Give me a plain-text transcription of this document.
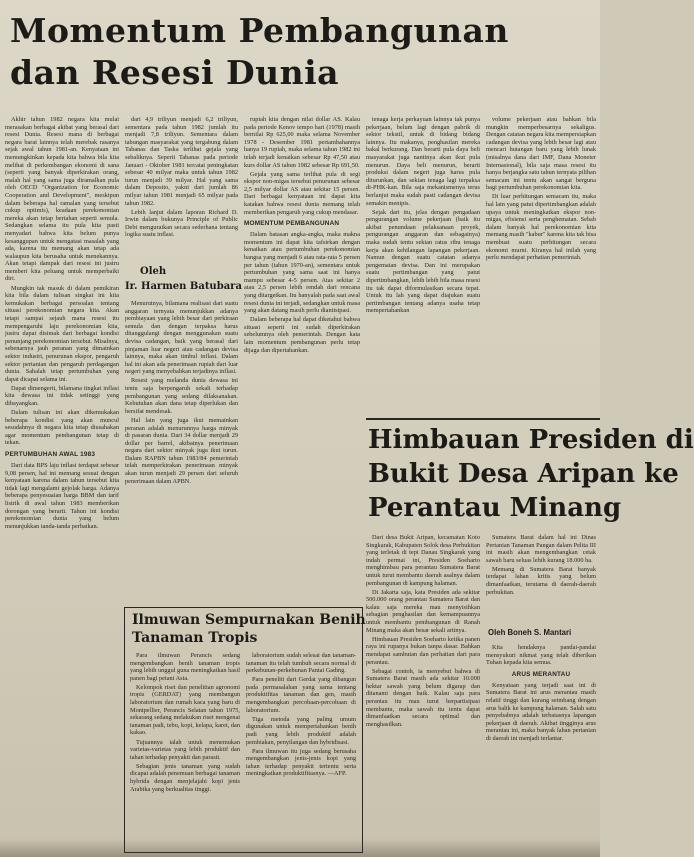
Momentum Pembangunan
dan Resesi Dunia

Akhir tahun 1982 negara kita mulai merasakan berbagai akibat yang berasal dari resesi Dunia. Resesi mana di berbagai negara barat lainnya telah merebak rasanya sejak awal tahun 1981-an. Kenyataan ini memungkinkan kepada kita bahwa bila kita melihat di perkembangan ekonomi di sana (seperti yang banyak diperkirakan orang, malah hal yang sama juga diramalkan pula oleh OECD "Organization for Economic Cooperation and Development", meskipun dalam beberapa hal ramalan yang tersebut cukup optimis), keadaan perekonomian mereka akan tetap bertahan seperti semula. Sedangkan selama itu pula kita pasti menyadari bahwa kita belum punya kesanggupan untuk mengatasi masalah yang ada, karena itu memang akan tetap ada walaupun kita berusaha untuk menekannya. Akan tetapi dampak dari resesi ini justru memberi kita peluang untuk memperbaiki diri.

Mungkin tak masuk di dalam pemikiran kita bila dalam tulisan singkat ini kita kemukakan berbagai persoalan tentang situasi perekonomian negara kita. Akan tetapi sampai sejauh mana resesi itu mempengaruhi laju perekonomian kita, justru dapat disimak dari berbagai kondisi penunjang perekonomian tersebut. Misalnya, sebenarnya jauh peranan yang dimainkan sektor industri, penurunan ekspor, pengaruh sektor pertanian dan pengaruh perdagangan dunia. Sahalah tetap pertumbuhan yang dapat dicapai selama ini.

Dapat dimengerti, bilamana tingkat inflasi kita dewasa ini tidak setinggi yang dibayangkan.

Dalam tulisan ini akan dikemukakan beberapa kondisi yang akan muncul sesudahnya di negara kita tetap diusahakan agar momentum pembangunan tetap di tekan.

PERTUMBUHAN AWAL 1983

Dari data BPS laju inflasi terdapat sebesar 9,08 persen, hal ini memang sesuai dengan kenyataan karena dalam tahun tersebut kita tidak lagi mengalami gejolak harga. Adanya beberapa penyesuaian harga BBM dan tarif listrik di awal tahun 1983 memberikan dorongan yang berarti. Tahun ini kondisi perekonomian dunia yang belum menunjukkan tanda-tanda perbaikan.

dari 4,9 triliyun menjadi 6,2 triliyun, sementara pada tahun 1982 jumlah itu menjadi 7,8 triliyun. Sementara dalam tabungan masyarakat yang tergabung dalam Tabanas dan Taska terlihat gejala yang sebaliknya. Seperti Tabanas pada periode Januari - Oktober 1981 tercatat peningkatan sebesar 40 milyar maka untuk tahun 1982 turun menjadi 39 milyar. Hal yang sama dalam Deposito, yakni dari jumlah 86 milyar tahun 1981 menjadi 65 milyar pada tahun 1982.

Lebih lanjut dalam laporan Richard D. Irwin dalam bukunya Principle of Public Debt menguraikan secara sederhana tentang logika suatu inflasi.

Oleh
Ir. Harmen Batubara

Menurutnya, bilamana realisasi dari suatu anggaran ternyata menunjukkan adanya pembiayaan yang lebih besar dari perkiraan semula dan dengan terpaksa harus ditanggulangi dengan menggunakan suatu devisa cadangan, baik yang berasal dari pinjaman luar negeri atau cadangan devisa lainnya, maka akan timbul inflasi. Dalam hal ini akan ada penerimaan rupiah dari luar negeri yang menyebabkan terjadinya inflasi.

Resesi yang melanda dunia dewasa ini tentu saja berpengaruh sekali terhadap pembangunan yang sedang dilaksanakan. Kebutuhan akan dana tetap diperlukan dan bersifat mendesak.

Hal lain yang juga ikut memainkan peranan adalah menurunnya harga minyak di pasaran dunia. Dari 34 dollar menjadi 29 dollar per barrel, akibatnya penerimaan negara dari sektor minyak juga ikut turun. Dalam RAPBN tahun 1983/84 pemerintah telah memperkirakan penerimaan minyak akan turun menjadi 29 persen dari seluruh penerimaan dalam APBN.

rupiah kita dengan nilai dollar AS. Kalau pada periode Kenov tempo hari (1978) masih bernilai Rp 625,00 maka selama November 1978 - Desember 1981 pertambahannya hanya 19 rupiah, maka selama tahun 1982 ini telah terjadi kenaikan sebesar Rp 47,50 atau kurs dollar AS tahun 1982 sebesar Rp 691,50.

Gejala yang sama terlihat pula di segi ekspor non-migas tersebut penurunan sebesar 2,5 milyar dollar AS atau sekitar 15 persen. Dari berbagai kenyataan ini dapat kita katakan bahwa resesi dunia memang telah memberikan pengaruh yang cukup mendasar.

MOMENTUM PEMBANGUNAN

Dalam batasan angka-angka, maka makna momentum ini dapat kita tafsirkan dengan kenaikan atau pertumbuhan perekonomian bangsa yang menjadi 6 atau rata-rata 5 persen per tahun (tahun 1970-an), sementara untuk pertumbuhan yang sama saat ini hanya mampu sebesar 4-5 persen. Atas sekitar 2 atau 2,5 persen lebih rendah dari rencana yang ditargetkan. Itu hanyalah pada saat awal resesi dunia ini terjadi, sedangkan untuk masa yang akan datang masih perlu diantisipasi.

Dalam beberapa hal dapat diketahui bahwa situasi seperti ini sudah diperkirakan sebelumnya oleh pemerintah. Dengan kata lain momentum pembangunan perlu tetap dijaga dan dipertahankan.

tenaga kerja perkayuan lainnya tak punya pekerjaan, belum lagi dengan pabrik di sektor tekstil, untuk di bidang bidang lainnya. Itu makanya, penghasilan mereka bakal berkurang. Dan berarti pula daya beli masyarakat juga nantinya akan ikut pula menurun. Daya beli menurun, berarti produksi dalam negeri juga harus pula diturunkan, dan sekian tenaga lagi terpaksa di-PHK-kan. Bila saja mekanismenya terus berlanjut maka sudah pasti cadangan devisa semakin menipis.

Sejak dari itu, jelas dengan pengadaan pengurangan volume pekerjaan (baik itu akibat penundaan pelaksanaan proyek, pengurangan anggaran dan sebagainya) maka sudah tentu sekian ratus ribu tenaga kerja akan kehilangan lapangan pekerjaan. Namun dengan suatu catatan adanya pengematan devisa. Dan ini merupakan suatu pertimbangan yang patut dipertimbangkan, lebih lebih bila masa resesi itu tak dapat diformulasikan secara tepat. Untuk itu lah yang dapat diajukan suatu pertimbangan tentang adanya usaha tetap mempertahankan

volume pekerjaan atau bahkan bila mungkin memperbesarnya sekaligus. Dengan catatan negara kita mempersiapkan cadangan devisa yang lebih besar lagi atau mencari hutangan baru yang lebih lunak (misalnya dana dari IMF, Dana Moneter Internasional), bila saja masa resesi itu hanya berjangka satu tahun ternyata pilihan semacam ini tentu akan sangat berguna bagi pertumbuhan perekonomian kita.

Di luar perhitungan semacam itu, maka hal lain yang patut dipertimbangkan adalah upaya untuk meningkatkan ekspor non-migas, efisiensi serta penghematan. Sebab dalam banyak hal perekonomian kita memang masih "kabur" karena kita tak bisa membuat suatu perhitungan secara ekonomi murni. Kiranya hal inilah yang perlu mendapat perhatian pemerintah.

Himbauan Presiden di
Bukit Desa Aripan ke
Perantau Minang

Dari desa Bukit Aripan, kecamatan Koto Singkarak, Kabupaten Solok desa Perbukitan yang terletak di tepi Danau Singkarak yang indah permai ini, Presiden Soeharto menghimbau para perantau Sumatera Barat untuk turut membantu daerah asalnya dalam pembangunan di kampung halaman.

Di Jakarta saja, kata Presiden ada sekitar 500.000 orang perantau Sumatera Barat dan kalau saja mereka mau menyisihkan sebagian penghasilan dan kemampuannya untuk membantu pembangunan di Ranah Minang maka akan besar sekali artinya.

Himbauan Presiden Soeharto ketika panen raya ini rupanya bukan tanpa dasar. Bahkan mendapat sambutan dan perhatian dari para perantau.

Sebagai contoh, ia menyebut bahwa di Sumatera Barat masih ada sekitar 10.000 hektar sawah yang belum digarap dan ditanami dengan baik. Kalau saja para perantau itu mau turut berpartisipasi membantu, maka sawah itu tentu dapat dimanfaatkan secara optimal dan menghasilkan.

Sumatera Barat dalam hal ini Dinas Pertanian Tanaman Pangan dalam Pelita III ini masih akan mengembangkan cetak sawah baru seluas lebih kurang 18.000 ha.

Memang di Sumatera Barat banyak terdapat lahan kritis yang belum dimanfaatkan, terutama di daerah-daerah perbukitan.

Oleh Boneh S. Mantari

Kita hendaknya pandai-pandai mensyukuri nikmat yang telah diberikan Tuhan kepada kita semua.

ARUS MERANTAU

Kenyataan yang terjadi saat ini di Sumatera Barat ini arus merantau masih relatif tinggi dan kurang seimbang dengan arus balik ke kampung halaman. Salah satu penyebabnya adalah terbatasnya lapangan pekerjaan di daerah. Akibat tingginya arus merantau ini, maka banyak lahan pertanian di daerah ini menjadi terlantar.

Ilmuwan Sempurnakan Benih
Tanaman Tropis

Para ilmuwan Perancis sedang mengembangkan benih tanaman tropis yang lebih unggul guna meningkatkan hasil panen bagi petani Asia.

Kelompok riset dan penelitian agronomi tropis (GERDAT) yang membangun laboratorium dan rumah kaca yang baru di Montpellier, Perancis Selatan tahun 1975, sekarang sedang melakukan riset mengenai tanaman padi, tebu, kopi, kelapa, karet, dan kakao.

Tujuannya ialah untuk menemukan varietas-varietas yang lebih produktif dan tahan terhadap penyakit dan parasit.

Sebagian jenis tanaman yang sudah dicapai adalah penemuan berbagai tanaman hybrida dengan menjelajahi kopi jenis Arabika yang berkualitas tinggi.

laboratorium sudah selesai dan tanaman-tanaman itu telah tumbuh secara normal di perkebunan-perkebunan Pantai Gading.

Para peneliti dari Gerdat yang dibangun pada permasalahan yang sama tentang produktifitas tanaman dan gen, masih mengembangkan percobaan-percobaan di laboratorium.

Tiga metoda yang paling umum digunakan untuk mempertahankan benih padi yang lebih produktif adalah pembiakan, penyilangan dan hybridisasi.

Para ilmuwan itu juga sedang berusaha mengembangkan jenis-jenis kopi yang tahan terhadap penyakit tertentu serta meningkatkan produktifitasnya. —AFP.
